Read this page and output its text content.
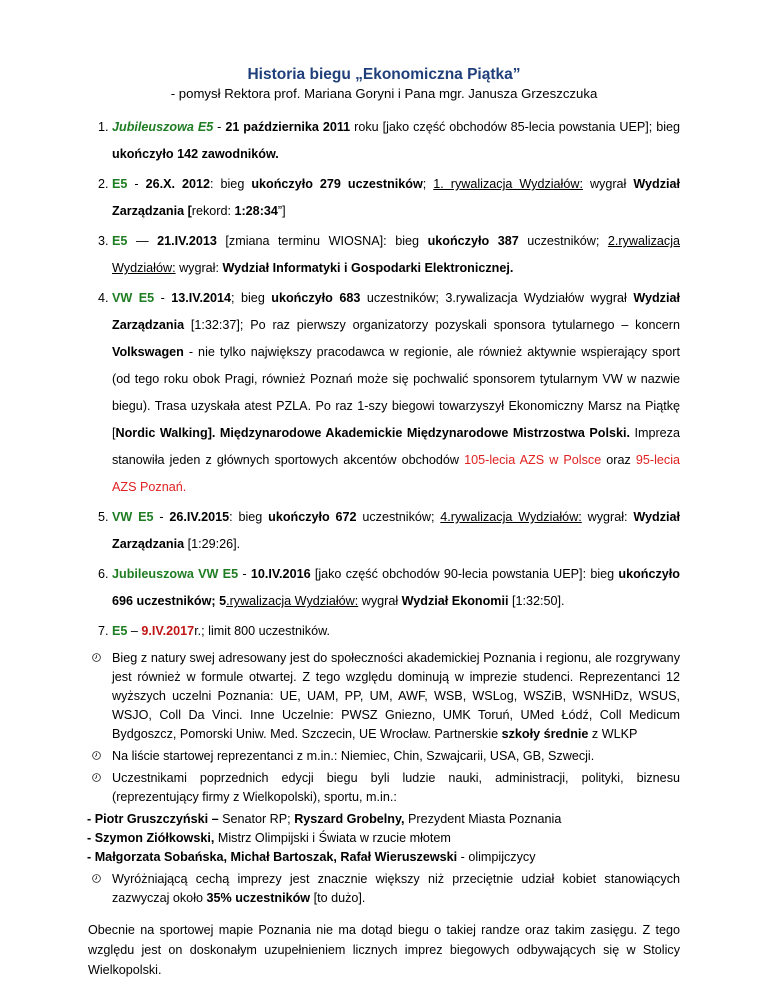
Historia biegu „Ekonomiczna Piątka”
- pomysł Rektora prof. Mariana Goryni i Pana mgr. Janusza Grzeszczuka
1. Jubileuszowa E5 - 21 października 2011 roku [jako część obchodów 85-lecia powstania UEP]; bieg ukończyło 142 zawodników.
2. E5 - 26.X. 2012: bieg ukończyło 279 uczestników; 1. rywalizacja Wydziałów: wygrał Wydział Zarządzania [rekord: 1:28:34”]
3. E5 — 21.IV.2013 [zmiana terminu WIOSNA]: bieg ukończyło 387 uczestników; 2.rywalizacja Wydziałów: wygrał: Wydział Informatyki i Gospodarki Elektronicznej.
4. VW E5 - 13.IV.2014; bieg ukończyło 683 uczestników; 3.rywalizacja Wydziałów wygrał Wydział Zarządzania [1:32:37]; Po raz pierwszy organizatorzy pozyskali sponsora tytularnego – koncern Volkswagen - nie tylko największy pracodawca w regionie, ale również aktywnie wspierający sport (od tego roku obok Pragi, również Poznań może się pochwalić sponsorem tytularnym VW w nazwie biegu). Trasa uzyskała atest PZLA. Po raz 1-szy biegowi towarzyszył Ekonomiczny Marsz na Piątkę [Nordic Walking]. Międzynarodowe Akademickie Międzynarodowe Mistrzostwa Polski. Impreza stanowiła jeden z głównych sportowych akcentów obchodów 105-lecia AZS w Polsce oraz 95-lecia AZS Poznań.
5. VW E5 - 26.IV.2015: bieg ukończyło 672 uczestników; 4.rywalizacja Wydziałów: wygrał: Wydział Zarządzania [1:29:26].
6. Jubileuszowa VW E5 - 10.IV.2016 [jako część obchodów 90-lecia powstania UEP]: bieg ukończyło 696 uczestników; 5.rywalizacja Wydziałów: wygrał Wydział Ekonomii [1:32:50].
7. E5 – 9.IV.2017r.; limit 800 uczestników.
Bieg z natury swej adresowany jest do społeczności akademickiej Poznania i regionu, ale rozgrywany jest również w formule otwartej. Z tego względu dominują w imprezie studenci. Reprezentanci 12 wyższych uczelni Poznania: UE, UAM, PP, UM, AWF, WSB, WSLog, WSZiB, WSNHiDz, WSUS, WSJO, Coll Da Vinci. Inne Uczelnie: PWSZ Gniezno, UMK Toruń, UMed Łódź, Coll Medicum Bydgoszcz, Pomorski Uniw. Med. Szczecin, UE Wrocław. Partnerskie szkoły średnie z WLKP
Na liście startowej reprezentanci z m.in.: Niemiec, Chin, Szwajcarii, USA, GB, Szwecji.
Uczestnikami poprzednich edycji biegu byli ludzie nauki, administracji, polityki, biznesu (reprezentujący firmy z Wielkopolski), sportu, m.in.:
- Piotr Gruszczyński – Senator RP; Ryszard Grobelny, Prezydent Miasta Poznania
- Szymon Ziółkowski, Mistrz Olimpijski i Świata w rzucie młotem
- Małgorzata Sobańska, Michał Bartoszak, Rafał Wieruszewski - olimpijczycy
Wyróżniającą cechą imprezy jest znacznie większy niż przeciętnie udział kobiet stanowiących zazwyczaj około 35% uczestników [to dużo].

Obecnie na sportowej mapie Poznania nie ma dotąd biegu o takiej randze oraz takim zasięgu. Z tego względu jest on doskonałym uzupełnieniem licznych imprez biegowych odbywających się w Stolicy Wielkopolski.
